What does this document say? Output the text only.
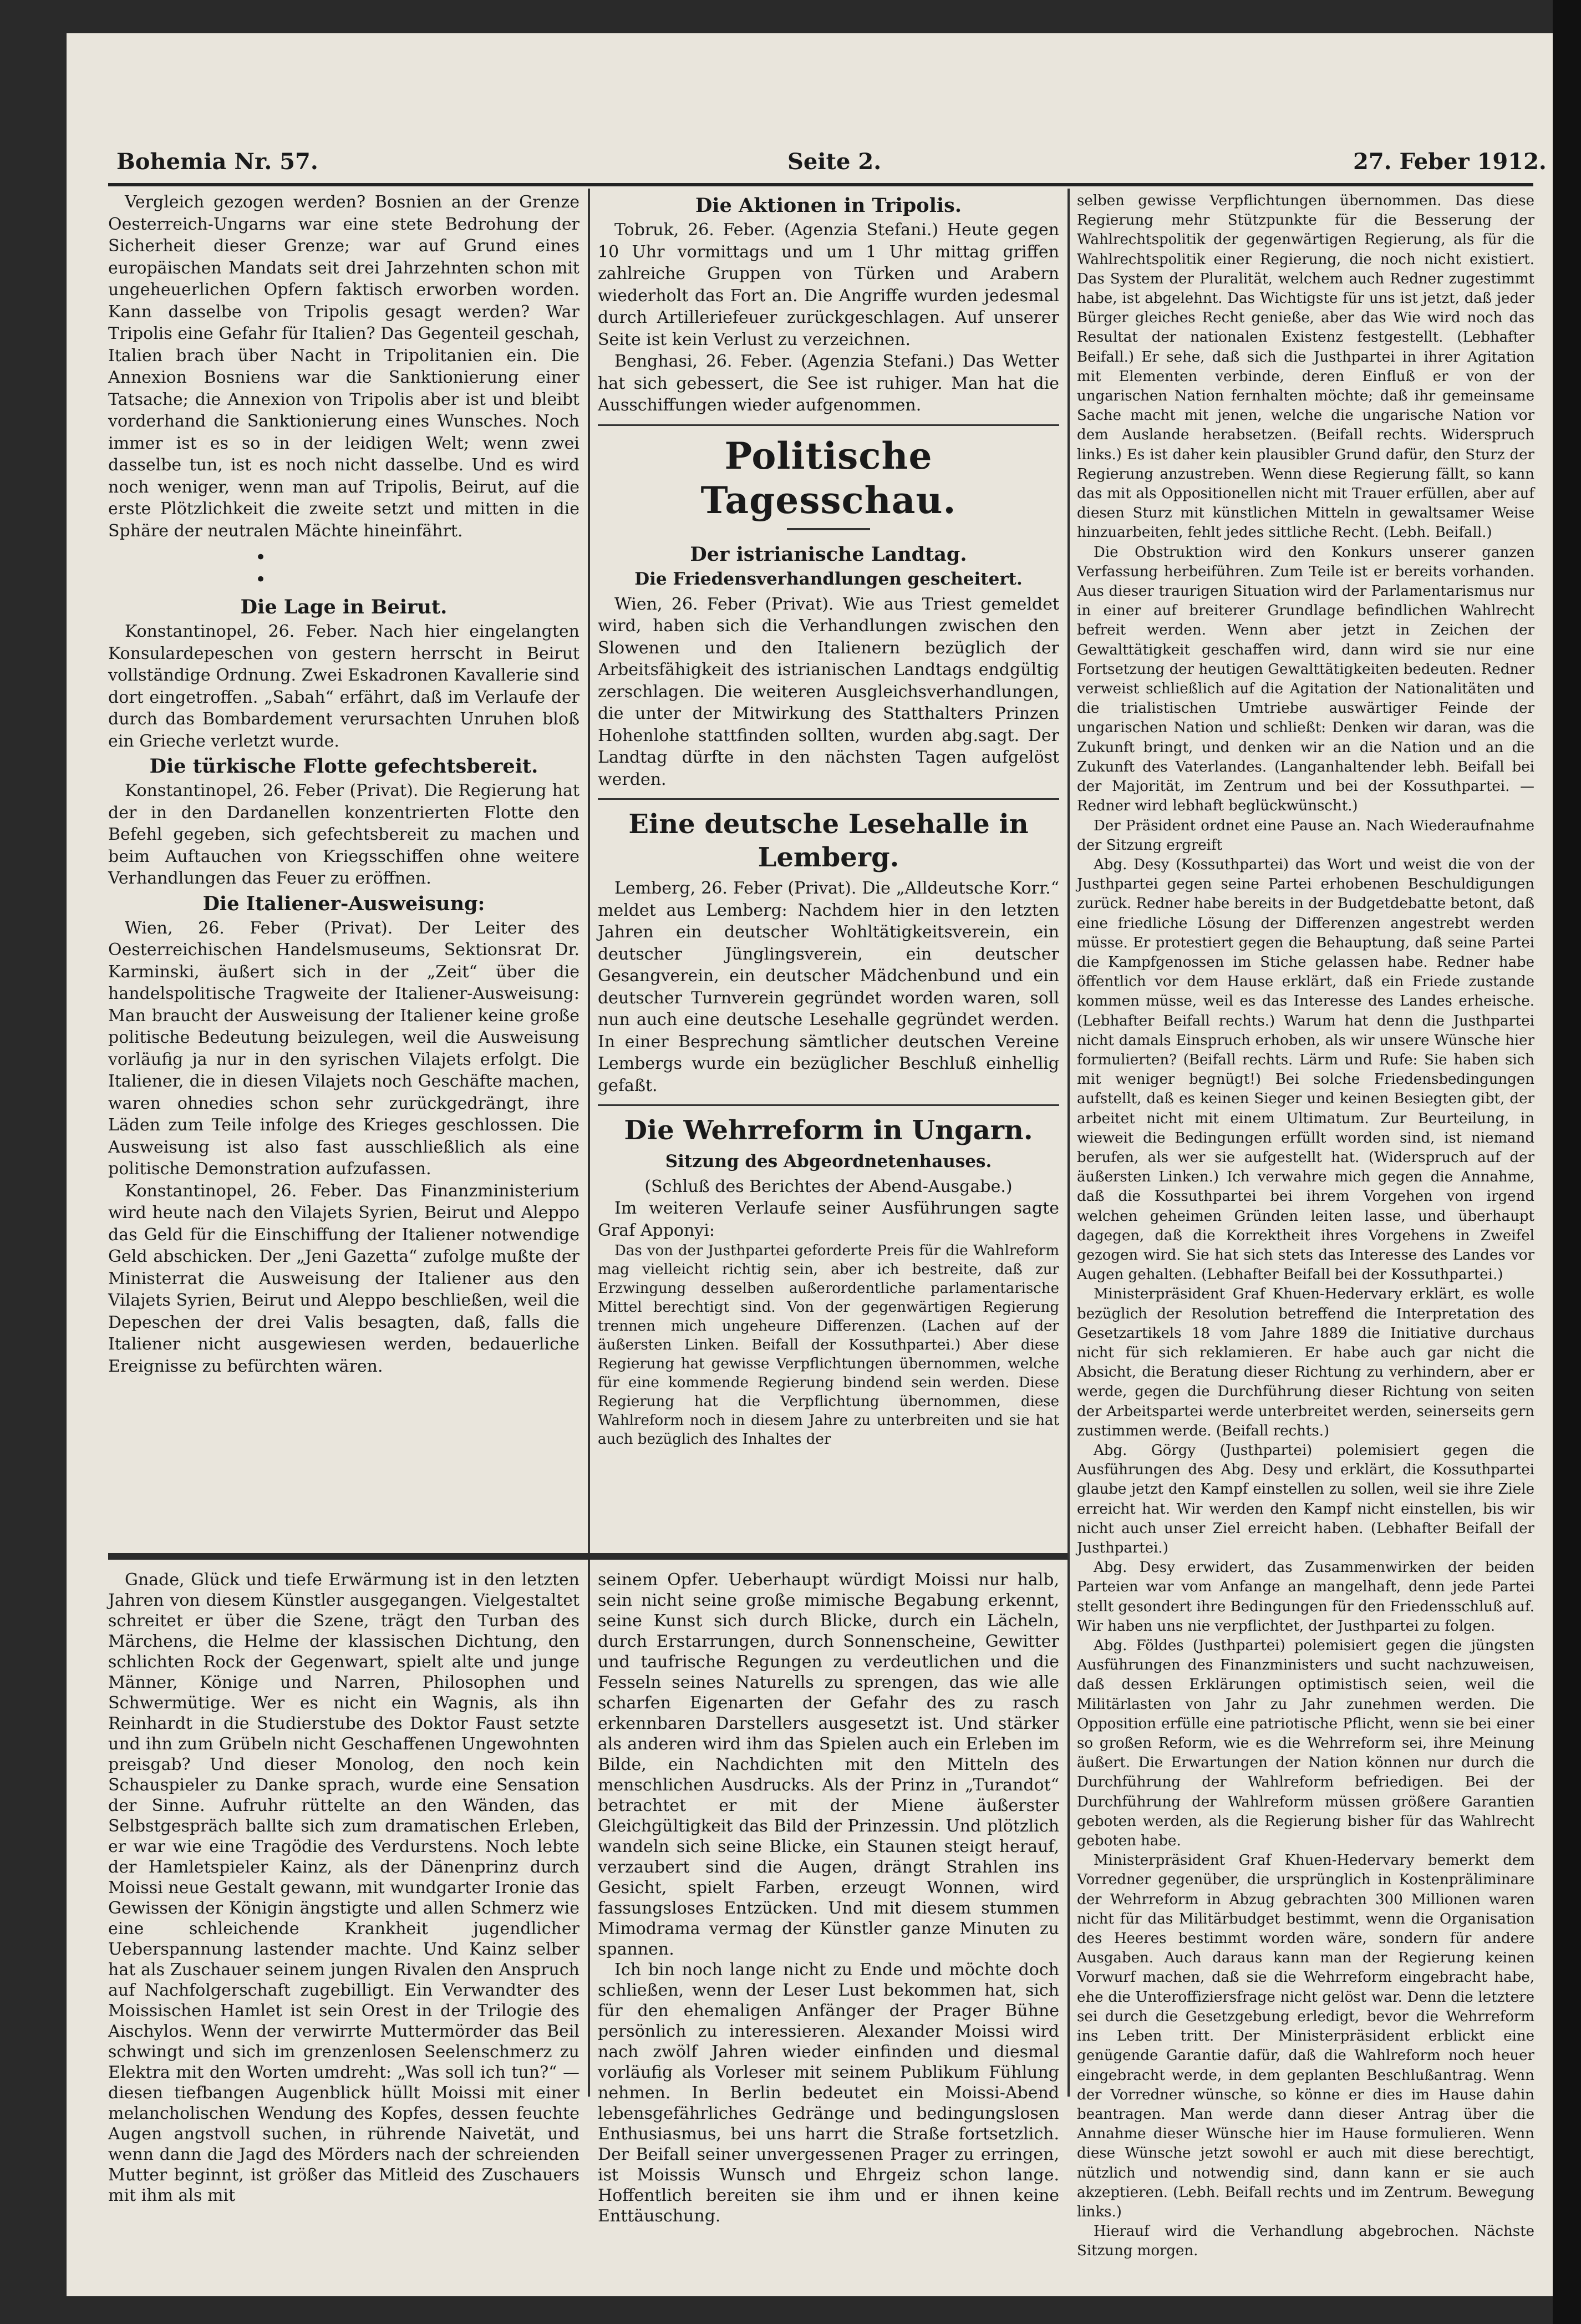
Bohemia Nr. 57.	Seite 2.	27. Feber 1912.

Vergleich gezogen werden? Bosnien an der Grenze Oesterreich-Ungarns war eine stete Bedrohung der Sicherheit dieser Grenze; war auf Grund eines europäischen Mandats seit drei Jahrzehnten schon mit ungeheuerlichen Opfern faktisch erworben worden. Kann dasselbe von Tripolis gesagt werden? War Tripolis eine Gefahr für Italien? Das Gegenteil geschah, Italien brach über Nacht in Tripolitanien ein. Die Annexion Bosniens war die Sanktionierung einer Tatsache; die Annexion von Tripolis aber ist und bleibt vorderhand die Sanktionierung eines Wunsches. Noch immer ist es so in der leidigen Welt; wenn zwei dasselbe tun, ist es noch nicht dasselbe. Und es wird noch weniger, wenn man auf Tripolis, Beirut, auf die erste Plötzlichkeit die zweite setzt und mitten in die Sphäre der neutralen Mächte hineinfährt.

• •
Die Lage in Beirut.

Konstantinopel, 26. Feber. Nach hier eingelangten Konsulardepeschen von gestern herrscht in Beirut vollständige Ordnung. Zwei Eskadronen Kavallerie sind dort eingetroffen. „Sabah“ erfährt, daß im Verlaufe der durch das Bombardement verursachten Unruhen bloß ein Grieche verletzt wurde.

Die türkische Flotte gefechtsbereit.

Konstantinopel, 26. Feber (Privat). Die Regierung hat der in den Dardanellen konzentrierten Flotte den Befehl gegeben, sich gefechtsbereit zu machen und beim Auftauchen von Kriegsschiffen ohne weitere Verhandlungen das Feuer zu eröffnen.

Die Italiener-Ausweisung:

Wien, 26. Feber (Privat). Der Leiter des Oesterreichischen Handelsmuseums, Sektionsrat Dr. Karminski, äußert sich in der „Zeit“ über die handelspolitische Tragweite der Italiener-Ausweisung: Man braucht der Ausweisung der Italiener keine große politische Bedeutung beizulegen, weil die Ausweisung vorläufig ja nur in den syrischen Vilajets erfolgt. Die Italiener, die in diesen Vilajets noch Geschäfte machen, waren ohnedies schon sehr zurückgedrängt, ihre Läden zum Teile infolge des Krieges geschlossen. Die Ausweisung ist also fast ausschließlich als eine politische Demonstration aufzufassen.

Konstantinopel, 26. Feber. Das Finanzministerium wird heute nach den Vilajets Syrien, Beirut und Aleppo das Geld für die Einschiffung der Italiener notwendige Geld abschicken. Der „Jeni Gazetta“ zufolge mußte der Ministerrat die Ausweisung der Italiener aus den Vilajets Syrien, Beirut und Aleppo beschließen, weil die Depeschen der drei Valis besagten, daß, falls die Italiener nicht ausgewiesen werden, bedauerliche Ereignisse zu befürchten wären.

Die Aktionen in Tripolis.

Tobruk, 26. Feber. (Agenzia Stefani.) Heute gegen 10 Uhr vormittags und um 1 Uhr mittag griffen zahlreiche Gruppen von Türken und Arabern wiederholt das Fort an. Die Angriffe wurden jedesmal durch Artilleriefeuer zurückgeschlagen. Auf unserer Seite ist kein Verlust zu verzeichnen.

Benghasi, 26. Feber. (Agenzia Stefani.) Das Wetter hat sich gebessert, die See ist ruhiger. Man hat die Ausschiffungen wieder aufgenommen.

Politische Tagesschau.
Der istrianische Landtag.
Die Friedensverhandlungen gescheitert.

Wien, 26. Feber (Privat). Wie aus Triest gemeldet wird, haben sich die Verhandlungen zwischen den Slowenen und den Italienern bezüglich der Arbeitsfähigkeit des istrianischen Landtags endgültig zerschlagen. Die weiteren Ausgleichsverhandlungen, die unter der Mitwirkung des Statthalters Prinzen Hohenlohe stattfinden sollten, wurden abg.sagt. Der Landtag dürfte in den nächsten Tagen aufgelöst werden.

Eine deutsche Lesehalle in Lemberg.

Lemberg, 26. Feber (Privat). Die „Alldeutsche Korr.“ meldet aus Lemberg: Nachdem hier in den letzten Jahren ein deutscher Wohltätigkeitsverein, ein deutscher Jünglingsverein, ein deutscher Gesangverein, ein deutscher Mädchenbund und ein deutscher Turnverein gegründet worden waren, soll nun auch eine deutsche Lesehalle gegründet werden. In einer Besprechung sämtlicher deutschen Vereine Lembergs wurde ein bezüglicher Beschluß einhellig gefaßt.

Die Wehrreform in Ungarn.
Sitzung des Abgeordnetenhauses.
(Schluß des Berichtes der Abend-Ausgabe.)

Im weiteren Verlaufe seiner Ausführungen sagte Graf Apponyi:

Das von der Justhpartei geforderte Preis für die Wahlreform mag vielleicht richtig sein, aber ich bestreite, daß zur Erzwingung desselben außerordentliche parlamentarische Mittel berechtigt sind. Von der gegenwärtigen Regierung trennen mich ungeheure Differenzen. (Lachen auf der äußersten Linken. Beifall der Kossuthpartei.) Aber diese Regierung hat gewisse Verpflichtungen übernommen, welche für eine kommende Regierung bindend sein werden. Diese Regierung hat die Verpflichtung übernommen, diese Wahlreform noch in diesem Jahre zu unterbreiten und sie hat auch bezüglich des Inhaltes der

selben gewisse Verpflichtungen übernommen. Das diese Regierung mehr Stützpunkte für die Besserung der Wahlrechtspolitik der gegenwärtigen Regierung, als für die Wahlrechtspolitik einer Regierung, die noch nicht existiert. Das System der Pluralität, welchem auch Redner zugestimmt habe, ist abgelehnt. Das Wichtigste für uns ist jetzt, daß jeder Bürger gleiches Recht genieße, aber das Wie wird noch das Resultat der nationalen Existenz festgestellt. (Lebhafter Beifall.) Er sehe, daß sich die Justhpartei in ihrer Agitation mit Elementen verbinde, deren Einfluß er von der ungarischen Nation fernhalten möchte; daß ihr gemeinsame Sache macht mit jenen, welche die ungarische Nation vor dem Auslande herabsetzen. (Beifall rechts. Widerspruch links.) Es ist daher kein plausibler Grund dafür, den Sturz der Regierung anzustreben. Wenn diese Regierung fällt, so kann das mit als Oppositionellen nicht mit Trauer erfüllen, aber auf diesen Sturz mit künstlichen Mitteln in gewaltsamer Weise hinzuarbeiten, fehlt jedes sittliche Recht. (Lebh. Beifall.)

Die Obstruktion wird den Konkurs unserer ganzen Verfassung herbeiführen. Zum Teile ist er bereits vorhanden. Aus dieser traurigen Situation wird der Parlamentarismus nur in einer auf breiterer Grundlage befindlichen Wahlrecht befreit werden. Wenn aber jetzt in Zeichen der Gewalttätigkeit geschaffen wird, dann wird sie nur eine Fortsetzung der heutigen Gewalttätigkeiten bedeuten. Redner verweist schließlich auf die Agitation der Nationalitäten und die trialistischen Umtriebe auswärtiger Feinde der ungarischen Nation und schließt: Denken wir daran, was die Zukunft bringt, und denken wir an die Nation und an die Zukunft des Vaterlandes. (Langanhaltender lebh. Beifall bei der Majorität, im Zentrum und bei der Kossuthpartei. — Redner wird lebhaft beglückwünscht.)

Der Präsident ordnet eine Pause an. Nach Wiederaufnahme der Sitzung ergreift

Abg. Desy (Kossuthpartei) das Wort und weist die von der Justhpartei gegen seine Partei erhobenen Beschuldigungen zurück. Redner habe bereits in der Budgetdebatte betont, daß eine friedliche Lösung der Differenzen angestrebt werden müsse. Er protestiert gegen die Behauptung, daß seine Partei die Kampfgenossen im Stiche gelassen habe. Redner habe öffentlich vor dem Hause erklärt, daß ein Friede zustande kommen müsse, weil es das Interesse des Landes erheische. (Lebhafter Beifall rechts.) Warum hat denn die Justhpartei nicht damals Einspruch erhoben, als wir unsere Wünsche hier formulierten? (Beifall rechts. Lärm und Rufe: Sie haben sich mit weniger begnügt!) Bei solche Friedensbedingungen aufstellt, daß es keinen Sieger und keinen Besiegten gibt, der arbeitet nicht mit einem Ultimatum. Zur Beurteilung, in wieweit die Bedingungen erfüllt worden sind, ist niemand berufen, als wer sie aufgestellt hat. (Widerspruch auf der äußersten Linken.) Ich verwahre mich gegen die Annahme, daß die Kossuthpartei bei ihrem Vorgehen von irgend welchen geheimen Gründen leiten lasse, und überhaupt dagegen, daß die Korrektheit ihres Vorgehens in Zweifel gezogen wird. Sie hat sich stets das Interesse des Landes vor Augen gehalten. (Lebhafter Beifall bei der Kossuthpartei.)

Ministerpräsident Graf Khuen-Hedervary erklärt, es wolle bezüglich der Resolution betreffend die Interpretation des Gesetzartikels 18 vom Jahre 1889 die Initiative durchaus nicht für sich reklamieren. Er habe auch gar nicht die Absicht, die Beratung dieser Richtung zu verhindern, aber er werde, gegen die Durchführung dieser Richtung von seiten der Arbeitspartei werde unterbreitet werden, seinerseits gern zustimmen werde. (Beifall rechts.)

Abg. Görgy (Justhpartei) polemisiert gegen die Ausführungen des Abg. Desy und erklärt, die Kossuthpartei glaube jetzt den Kampf einstellen zu sollen, weil sie ihre Ziele erreicht hat. Wir werden den Kampf nicht einstellen, bis wir nicht auch unser Ziel erreicht haben. (Lebhafter Beifall der Justhpartei.)

Abg. Desy erwidert, das Zusammenwirken der beiden Parteien war vom Anfange an mangelhaft, denn jede Partei stellt gesondert ihre Bedingungen für den Friedensschluß auf. Wir haben uns nie verpflichtet, der Justhpartei zu folgen.

Abg. Földes (Justhpartei) polemisiert gegen die jüngsten Ausführungen des Finanzministers und sucht nachzuweisen, daß dessen Erklärungen optimistisch seien, weil die Militärlasten von Jahr zu Jahr zunehmen werden. Die Opposition erfülle eine patriotische Pflicht, wenn sie bei einer so großen Reform, wie es die Wehrreform sei, ihre Meinung äußert. Die Erwartungen der Nation können nur durch die Durchführung der Wahlreform befriedigen. Bei der Durchführung der Wahlreform müssen größere Garantien geboten werden, als die Regierung bisher für das Wahlrecht geboten habe.

Ministerpräsident Graf Khuen-Hedervary bemerkt dem Vorredner gegenüber, die ursprünglich in Kostenpräliminare der Wehrreform in Abzug gebrachten 300 Millionen waren nicht für das Militärbudget bestimmt, wenn die Organisation des Heeres bestimmt worden wäre, sondern für andere Ausgaben. Auch daraus kann man der Regierung keinen Vorwurf machen, daß sie die Wehrreform eingebracht habe, ehe die Unteroffiziersfrage nicht gelöst war. Denn die letztere sei durch die Gesetzgebung erledigt, bevor die Wehrreform ins Leben tritt. Der Ministerpräsident erblickt eine genügende Garantie dafür, daß die Wahlreform noch heuer eingebracht werde, in dem geplanten Beschlußantrag. Wenn der Vorredner wünsche, so könne er dies im Hause dahin beantragen. Man werde dann dieser Antrag über die Annahme dieser Wünsche hier im Hause formulieren. Wenn diese Wünsche jetzt sowohl er auch mit diese berechtigt, nützlich und notwendig sind, dann kann er sie auch akzeptieren. (Lebh. Beifall rechts und im Zentrum. Bewegung links.)

Hierauf wird die Verhandlung abgebrochen. Nächste Sitzung morgen.

Gnade, Glück und tiefe Erwärmung ist in den letzten Jahren von diesem Künstler ausgegangen. Vielgestaltet schreitet er über die Szene, trägt den Turban des Märchens, die Helme der klassischen Dichtung, den schlichten Rock der Gegenwart, spielt alte und junge Männer, Könige und Narren, Philosophen und Schwermütige. Wer es nicht ein Wagnis, als ihn Reinhardt in die Studierstube des Doktor Faust setzte und ihn zum Grübeln nicht Geschaffenen Ungewohnten preisgab? Und dieser Monolog, den noch kein Schauspieler zu Danke sprach, wurde eine Sensation der Sinne. Aufruhr rüttelte an den Wänden, das Selbstgespräch ballte sich zum dramatischen Erleben, er war wie eine Tragödie des Verdurstens. Noch lebte der Hamletspieler Kainz, als der Dänenprinz durch Moissi neue Gestalt gewann, mit wundgarter Ironie das Gewissen der Königin ängstigte und allen Schmerz wie eine schleichende Krankheit jugendlicher Ueberspannung lastender machte. Und Kainz selber hat als Zuschauer seinem jungen Rivalen den Anspruch auf Nachfolgerschaft zugebilligt. Ein Verwandter des Moissischen Hamlet ist sein Orest in der Trilogie des Aischylos. Wenn der verwirrte Muttermörder das Beil schwingt und sich im grenzenlosen Seelenschmerz zu Elektra mit den Worten umdreht: „Was soll ich tun?“ — diesen tiefbangen Augenblick hüllt Moissi mit einer melancholischen Wendung des Kopfes, dessen feuchte Augen angstvoll suchen, in rührende Naivetät, und wenn dann die Jagd des Mörders nach der schreienden Mutter beginnt, ist größer das Mitleid des Zuschauers mit ihm als mit

seinem Opfer. Ueberhaupt würdigt Moissi nur halb, sein nicht seine große mimische Begabung erkennt, seine Kunst sich durch Blicke, durch ein Lächeln, durch Erstarrungen, durch Sonnenscheine, Gewitter und taufrische Regungen zu verdeutlichen und die Fesseln seines Naturells zu sprengen, das wie alle scharfen Eigenarten der Gefahr des zu rasch erkennbaren Darstellers ausgesetzt ist. Und stärker als anderen wird ihm das Spielen auch ein Erleben im Bilde, ein Nachdichten mit den Mitteln des menschlichen Ausdrucks. Als der Prinz in „Turandot“ betrachtet er mit der Miene äußerster Gleichgültigkeit das Bild der Prinzessin. Und plötzlich wandeln sich seine Blicke, ein Staunen steigt herauf, verzaubert sind die Augen, drängt Strahlen ins Gesicht, spielt Farben, erzeugt Wonnen, wird fassungsloses Entzücken. Und mit diesem stummen Mimodrama vermag der Künstler ganze Minuten zu spannen.

Ich bin noch lange nicht zu Ende und möchte doch schließen, wenn der Leser Lust bekommen hat, sich für den ehemaligen Anfänger der Prager Bühne persönlich zu interessieren. Alexander Moissi wird nach zwölf Jahren wieder einfinden und diesmal vorläufig als Vorleser mit seinem Publikum Fühlung nehmen. In Berlin bedeutet ein Moissi-Abend lebensgefährliches Gedränge und bedingungslosen Enthusiasmus, bei uns harrt die Straße fortsetzlich. Der Beifall seiner unvergessenen Prager zu erringen, ist Moissis Wunsch und Ehrgeiz schon lange. Hoffentlich bereiten sie ihm und er ihnen keine Enttäuschung.
